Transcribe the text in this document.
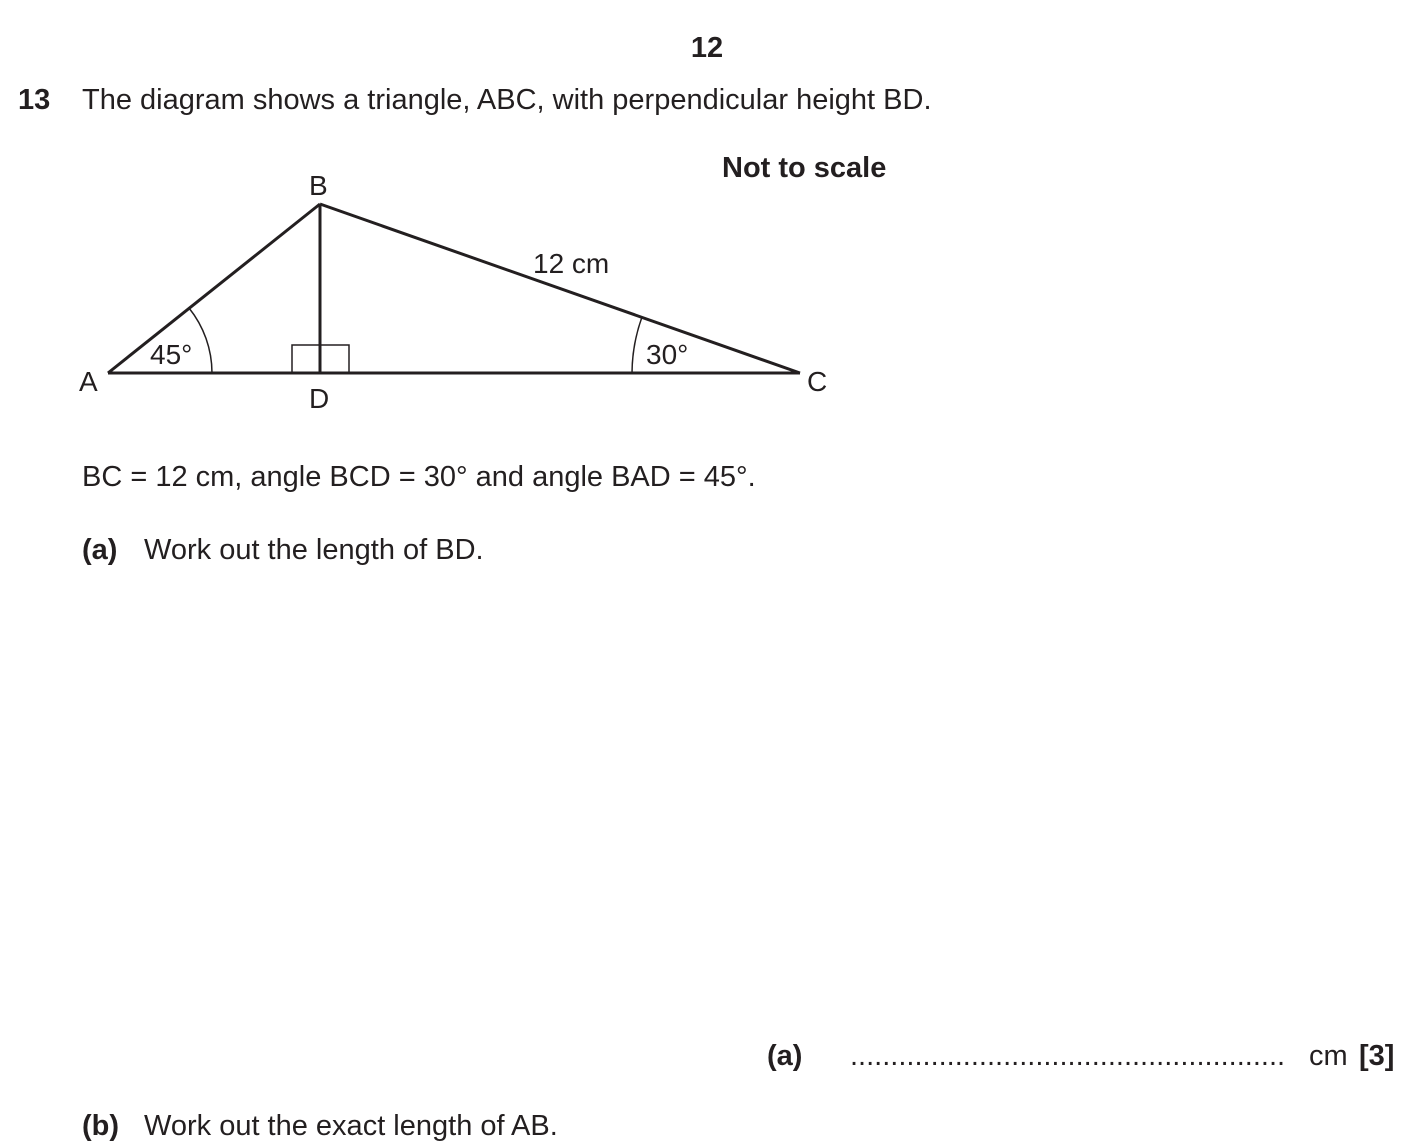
12
13 The diagram shows a triangle, ABC, with perpendicular height BD.
B
A	C
D
12 cm
45°	30°
Not to scale
BC = 12 cm, angle BCD = 30° and angle BAD = 45°.
(a) Work out the length of BD.
(a) ...................................................... cm [3]
(b) Work out the exact length of AB.
